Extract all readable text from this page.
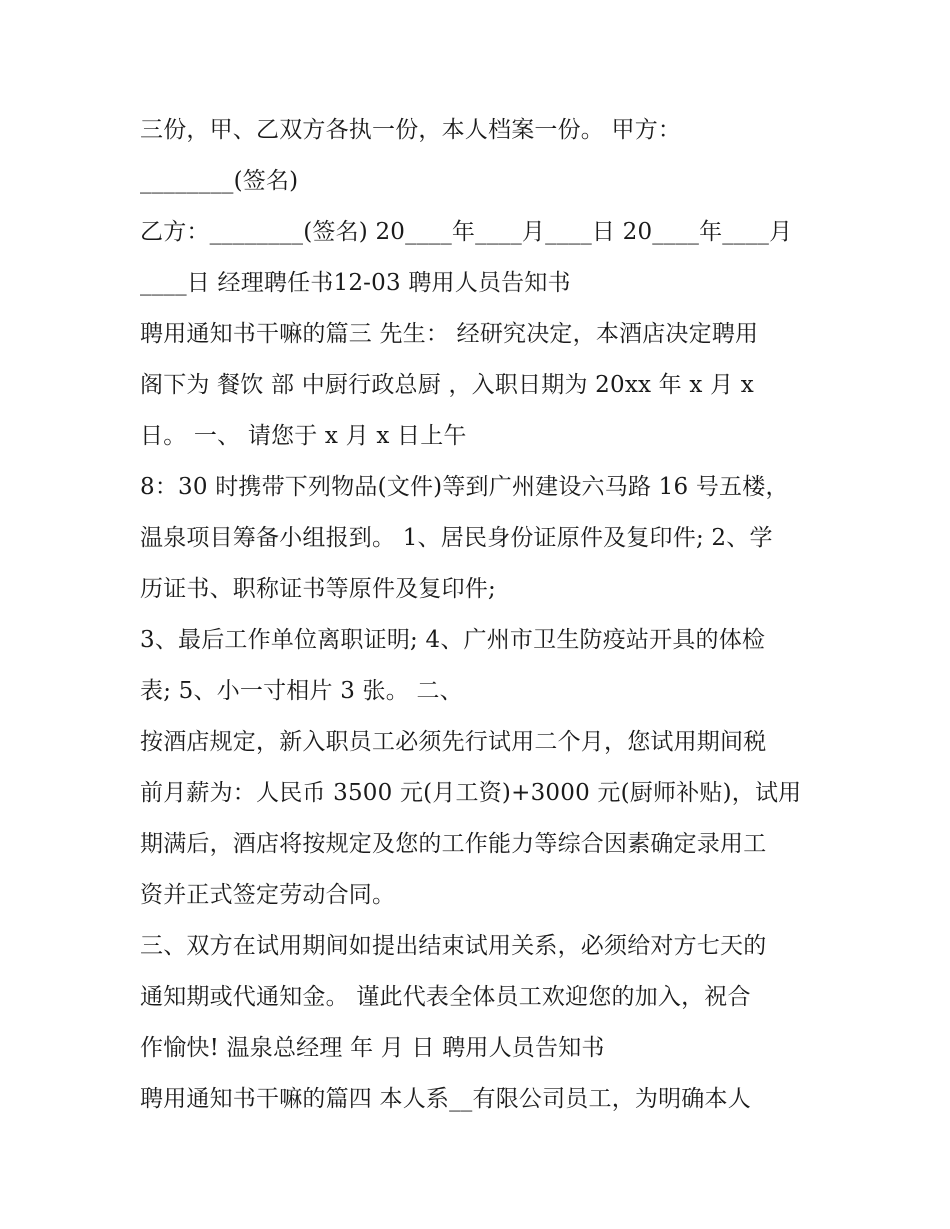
三份，甲、乙双方各执一份，本人档案一份。 甲方：
________(签名)
乙方：________(签名) 20____年____月____日 20____年____月
____日 经理聘任书12-03 聘用人员告知书
聘用通知书干嘛的篇三 先生： 经研究决定，本酒店决定聘用
阁下为 餐饮 部 中厨行政总厨 ，入职日期为 20xx 年 x 月 x
日。 一、 请您于 x 月 x 日上午
8：30 时携带下列物品(文件)等到广州建设六马路 16 号五楼，
温泉项目筹备小组报到。 1、居民身份证原件及复印件; 2、学
历证书、职称证书等原件及复印件;
3、最后工作单位离职证明; 4、广州市卫生防疫站开具的体检
表; 5、小一寸相片 3 张。 二、
按酒店规定，新入职员工必须先行试用二个月，您试用期间税
前月薪为：人民币 3500 元(月工资)+3000 元(厨师补贴)，试用
期满后，酒店将按规定及您的工作能力等综合因素确定录用工
资并正式签定劳动合同。
三、双方在试用期间如提出结束试用关系，必须给对方七天的
通知期或代通知金。 谨此代表全体员工欢迎您的加入，祝合
作愉快! 温泉总经理 年 月 日 聘用人员告知书
聘用通知书干嘛的篇四 本人系__有限公司员工，为明确本人
